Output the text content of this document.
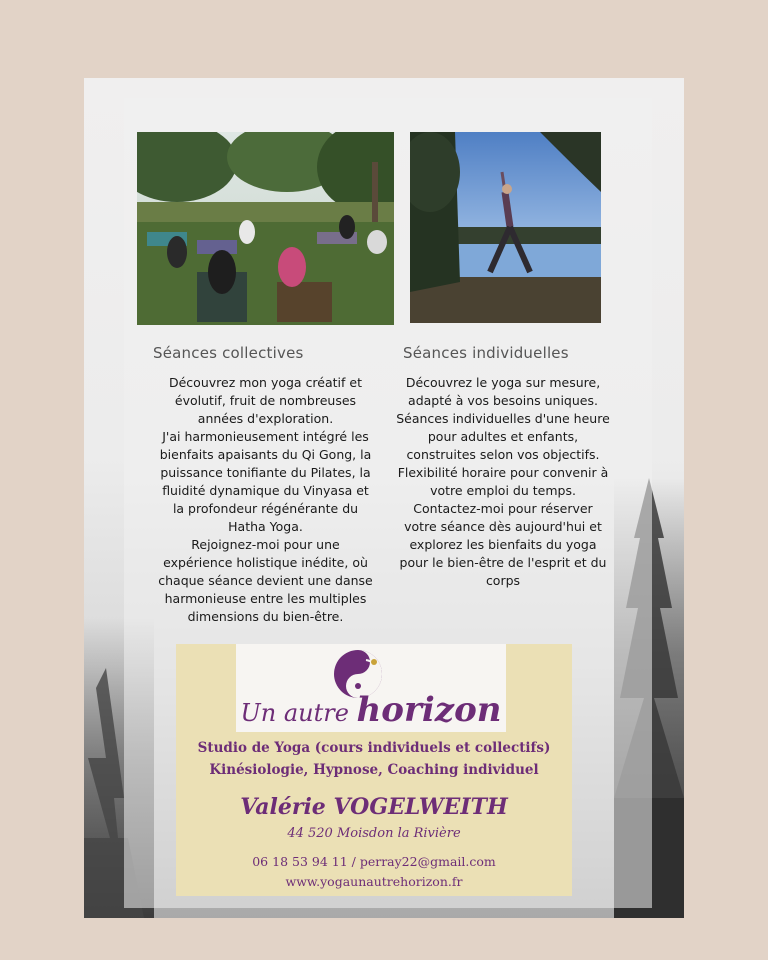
Séances collectives
Découvrez mon yoga créatif et
évolutif, fruit de nombreuses
années d'exploration.
J'ai harmonieusement intégré les
bienfaits apaisants du Qi Gong, la
puissance tonifiante du Pilates, la
fluidité dynamique du Vinyasa et
la profondeur régénérante du
Hatha Yoga.
Rejoignez-moi pour une
expérience holistique inédite, où
chaque séance devient une danse
harmonieuse entre les multiples
dimensions du bien-être.
Séances individuelles
Découvrez le yoga sur mesure,
adapté à vos besoins uniques.
Séances individuelles d'une heure
pour adultes et enfants,
construites selon vos objectifs.
Flexibilité horaire pour convenir à
votre emploi du temps.
Contactez-moi pour réserver
votre séance dès aujourd'hui et
explorez les bienfaits du yoga
pour le bien-être de l'esprit et du
corps
Un autre horizon
Studio de Yoga (cours individuels et collectifs)
Kinésiologie, Hypnose, Coaching individuel
Valérie VOGELWEITH
44 520 Moisdon la Rivière
06 18 53 94 11 / perray22@gmail.com
www.yogaunautrehorizon.fr
